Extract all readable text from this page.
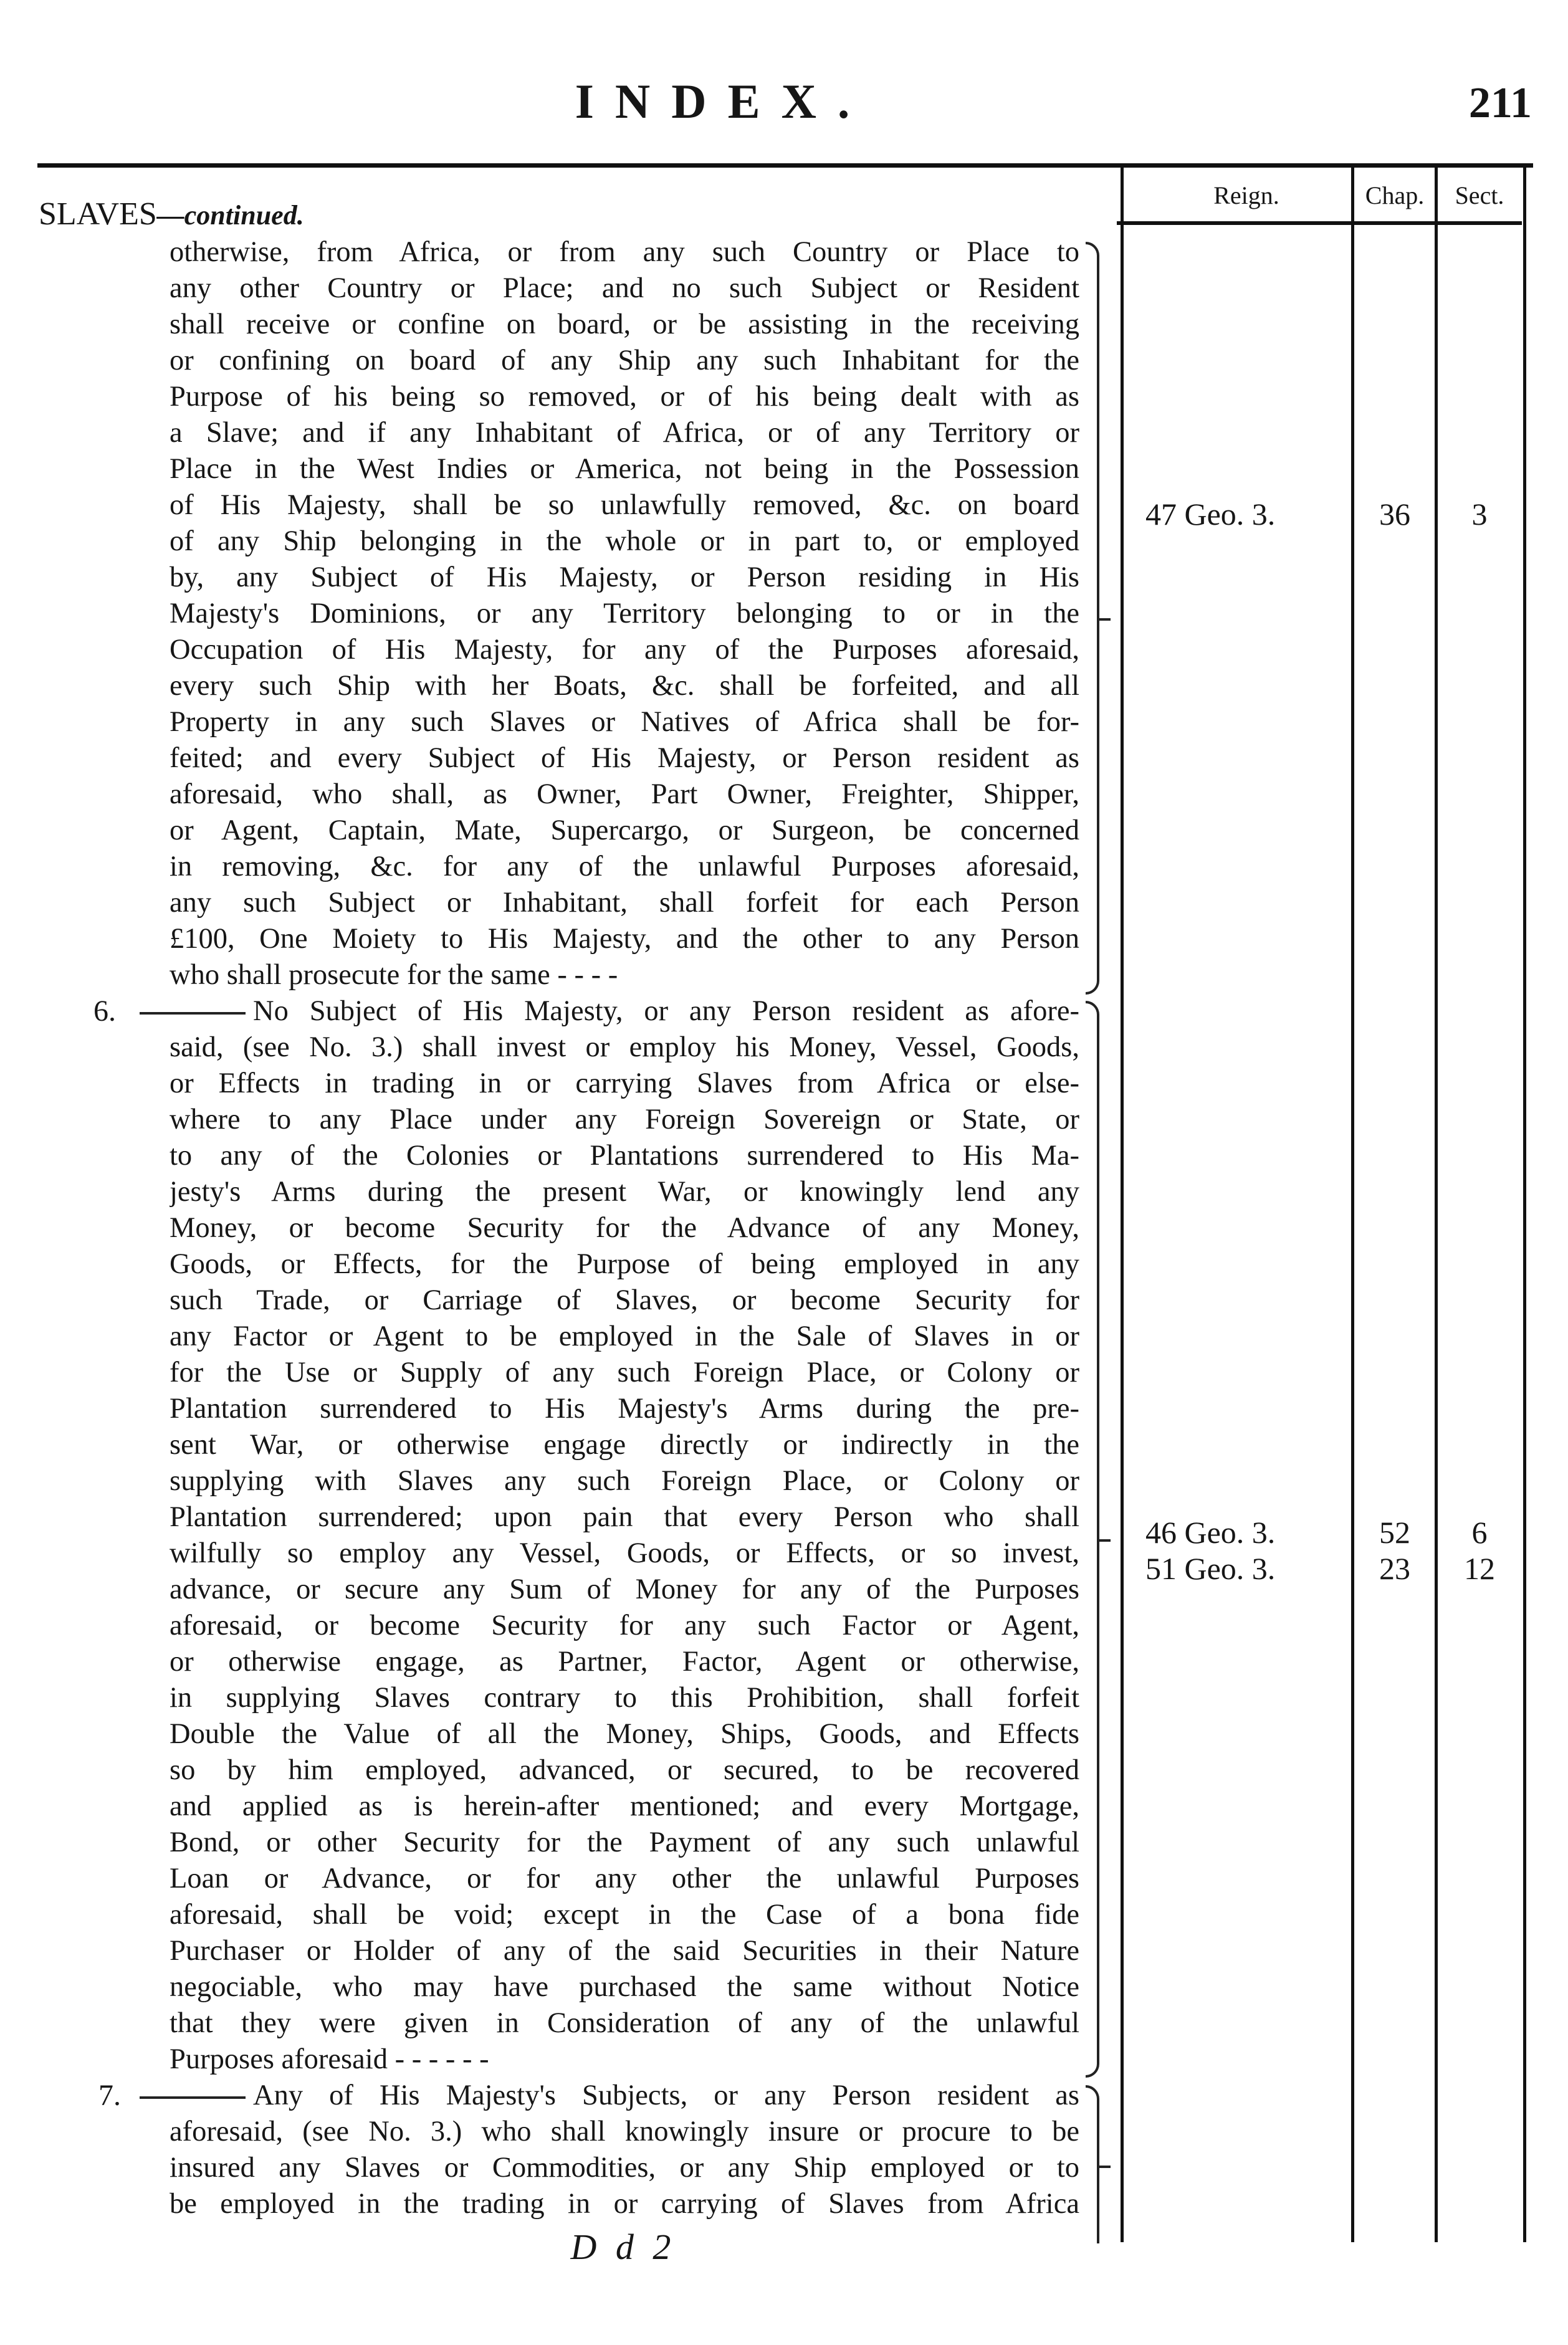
INDEX.	211
Reign.	Chap.	Sect.
SLAVES—continued.
otherwise, from Africa, or from any such Country or Place to
any other Country or Place; and no such Subject or Resident
shall receive or confine on board, or be assisting in the receiving
or confining on board of any Ship any such Inhabitant for the
Purpose of his being so removed, or of his being dealt with as
a Slave; and if any Inhabitant of Africa, or of any Territory or
Place in the West Indies or America, not being in the Possession
of His Majesty, shall be so unlawfully removed, &c. on board
of any Ship belonging in the whole or in part to, or employed
by, any Subject of His Majesty, or Person residing in His
Majesty's Dominions, or any Territory belonging to or in the
Occupation of His Majesty, for any of the Purposes aforesaid,
every such Ship with her Boats, &c. shall be forfeited, and all
Property in any such Slaves or Natives of Africa shall be for-
feited; and every Subject of His Majesty, or Person resident as
aforesaid, who shall, as Owner, Part Owner, Freighter, Shipper,
or Agent, Captain, Mate, Supercargo, or Surgeon, be concerned
in removing, &c. for any of the unlawful Purposes aforesaid,
any such Subject or Inhabitant, shall forfeit for each Person
£100, One Moiety to His Majesty, and the other to any Person
who shall prosecute for the same - - - -
47 Geo. 3.	36	3
6.	No Subject of His Majesty, or any Person resident as afore-
said, (see No. 3.) shall invest or employ his Money, Vessel, Goods,
or Effects in trading in or carrying Slaves from Africa or else-
where to any Place under any Foreign Sovereign or State, or
to any of the Colonies or Plantations surrendered to His Ma-
jesty's Arms during the present War, or knowingly lend any
Money, or become Security for the Advance of any Money,
Goods, or Effects, for the Purpose of being employed in any
such Trade, or Carriage of Slaves, or become Security for
any Factor or Agent to be employed in the Sale of Slaves in or
for the Use or Supply of any such Foreign Place, or Colony or
Plantation surrendered to His Majesty's Arms during the pre-
sent War, or otherwise engage directly or indirectly in the
supplying with Slaves any such Foreign Place, or Colony or
Plantation surrendered; upon pain that every Person who shall
wilfully so employ any Vessel, Goods, or Effects, or so invest,
advance, or secure any Sum of Money for any of the Purposes
aforesaid, or become Security for any such Factor or Agent,
or otherwise engage, as Partner, Factor, Agent or otherwise,
in supplying Slaves contrary to this Prohibition, shall forfeit
Double the Value of all the Money, Ships, Goods, and Effects
so by him employed, advanced, or secured, to be recovered
and applied as is herein-after mentioned; and every Mortgage,
Bond, or other Security for the Payment of any such unlawful
Loan or Advance, or for any other the unlawful Purposes
aforesaid, shall be void; except in the Case of a bona fide
Purchaser or Holder of any of the said Securities in their Nature
negociable, who may have purchased the same without Notice
that they were given in Consideration of any of the unlawful
Purposes aforesaid - - - - - -
46 Geo. 3.	52	6
51 Geo. 3.	23	12
7.	Any of His Majesty's Subjects, or any Person resident as
aforesaid, (see No. 3.) who shall knowingly insure or procure to be
insured any Slaves or Commodities, or any Ship employed or to
be employed in the trading in or carrying of Slaves from Africa
D d 2
